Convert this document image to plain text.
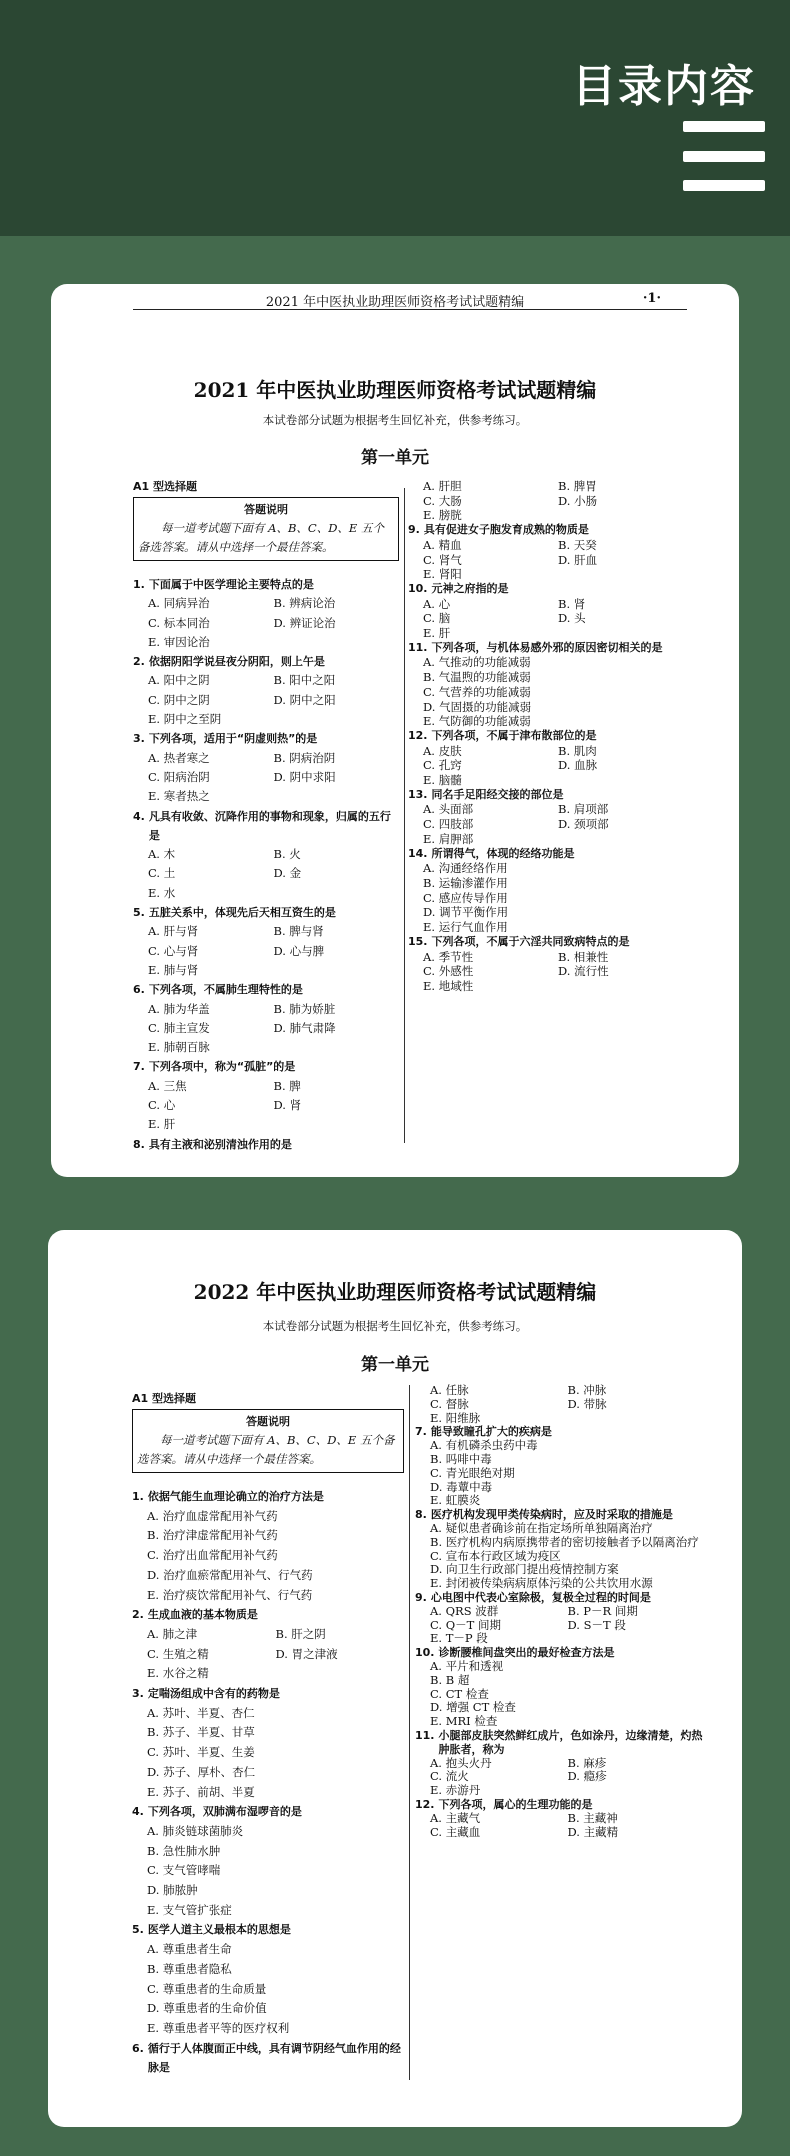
目录内容
2021 年中医执业助理医师资格考试试题精编	·1·
2021 年中医执业助理医师资格考试试题精编
本试卷部分试题为根据考生回忆补充，供参考练习。
第一单元
A1 型选择题
答题说明
每一道考试题下面有 A、B、C、D、E 五个备选答案。请从中选择一个最佳答案。
1. 下面属于中医学理论主要特点的是
A. 同病异治	B. 辨病论治
C. 标本同治	D. 辨证论治
E. 审因论治
2. 依据阴阳学说昼夜分阴阳，则上午是
A. 阳中之阴	B. 阳中之阳
C. 阴中之阴	D. 阴中之阳
E. 阴中之至阴
3. 下列各项，适用于“阴虚则热”的是
A. 热者寒之	B. 阴病治阴
C. 阳病治阴	D. 阴中求阳
E. 寒者热之
4. 凡具有收敛、沉降作用的事物和现象，归属的五行是
A. 木	B. 火
C. 土	D. 金
E. 水
5. 五脏关系中，体现先后天相互资生的是
A. 肝与肾	B. 脾与肾
C. 心与肾	D. 心与脾
E. 肺与肾
6. 下列各项，不属肺生理特性的是
A. 肺为华盖	B. 肺为娇脏
C. 肺主宣发	D. 肺气肃降
E. 肺朝百脉
7. 下列各项中，称为“孤脏”的是
A. 三焦	B. 脾
C. 心	D. 肾
E. 肝
8. 具有主液和泌别清浊作用的是
A. 肝胆	B. 脾胃
C. 大肠	D. 小肠
E. 膀胱
9. 具有促进女子胞发育成熟的物质是
A. 精血	B. 天癸
C. 肾气	D. 肝血
E. 肾阳
10. 元神之府指的是
A. 心	B. 肾
C. 脑	D. 头
E. 肝
11. 下列各项，与机体易感外邪的原因密切相关的是
A. 气推动的功能减弱
B. 气温煦的功能减弱
C. 气营养的功能减弱
D. 气固摄的功能减弱
E. 气防御的功能减弱
12. 下列各项，不属于津布散部位的是
A. 皮肤	B. 肌肉
C. 孔窍	D. 血脉
E. 脑髓
13. 同名手足阳经交接的部位是
A. 头面部	B. 肩项部
C. 四肢部	D. 颈项部
E. 肩胛部
14. 所谓得气，体现的经络功能是
A. 沟通经络作用
B. 运输渗灌作用
C. 感应传导作用
D. 调节平衡作用
E. 运行气血作用
15. 下列各项，不属于六淫共同致病特点的是
A. 季节性	B. 相兼性
C. 外感性	D. 流行性
E. 地域性
2022 年中医执业助理医师资格考试试题精编
本试卷部分试题为根据考生回忆补充，供参考练习。
第一单元
A1 型选择题
答题说明
每一道考试题下面有 A、B、C、D、E 五个备选答案。请从中选择一个最佳答案。
1. 依据气能生血理论确立的治疗方法是
A. 治疗血虚常配用补气药
B. 治疗津虚常配用补气药
C. 治疗出血常配用补气药
D. 治疗血瘀常配用补气、行气药
E. 治疗痰饮常配用补气、行气药
2. 生成血液的基本物质是
A. 肺之津	B. 肝之阴
C. 生殖之精	D. 胃之津液
E. 水谷之精
3. 定喘汤组成中含有的药物是
A. 苏叶、半夏、杏仁
B. 苏子、半夏、甘草
C. 苏叶、半夏、生姜
D. 苏子、厚朴、杏仁
E. 苏子、前胡、半夏
4. 下列各项，双肺满布湿啰音的是
A. 肺炎链球菌肺炎
B. 急性肺水肿
C. 支气管哮喘
D. 肺脓肿
E. 支气管扩张症
5. 医学人道主义最根本的思想是
A. 尊重患者生命
B. 尊重患者隐私
C. 尊重患者的生命质量
D. 尊重患者的生命价值
E. 尊重患者平等的医疗权利
6. 循行于人体腹面正中线，具有调节阴经气血作用的经脉是
A. 任脉	B. 冲脉
C. 督脉	D. 带脉
E. 阳维脉
7. 能导致瞳孔扩大的疾病是
A. 有机磷杀虫药中毒
B. 吗啡中毒
C. 青光眼绝对期
D. 毒蕈中毒
E. 虹膜炎
8. 医疗机构发现甲类传染病时，应及时采取的措施是
A. 疑似患者确诊前在指定场所单独隔离治疗
B. 医疗机构内病原携带者的密切接触者予以隔离治疗
C. 宣布本行政区域为疫区
D. 向卫生行政部门提出疫情控制方案
E. 封闭被传染病病原体污染的公共饮用水源
9. 心电图中代表心室除极，复极全过程的时间是
A. QRS 波群	B. P－R 间期
C. Q－T 间期	D. S－T 段
E. T－P 段
10. 诊断腰椎间盘突出的最好检查方法是
A. 平片和透视
B. B 超
C. CT 检查
D. 增强 CT 检查
E. MRI 检查
11. 小腿部皮肤突然鲜红成片，色如涂丹，边缘清楚，灼热肿胀者，称为
A. 抱头火丹	B. 麻疹
C. 流火	D. 瘾疹
E. 赤游丹
12. 下列各项，属心的生理功能的是
A. 主藏气	B. 主藏神
C. 主藏血	D. 主藏精
